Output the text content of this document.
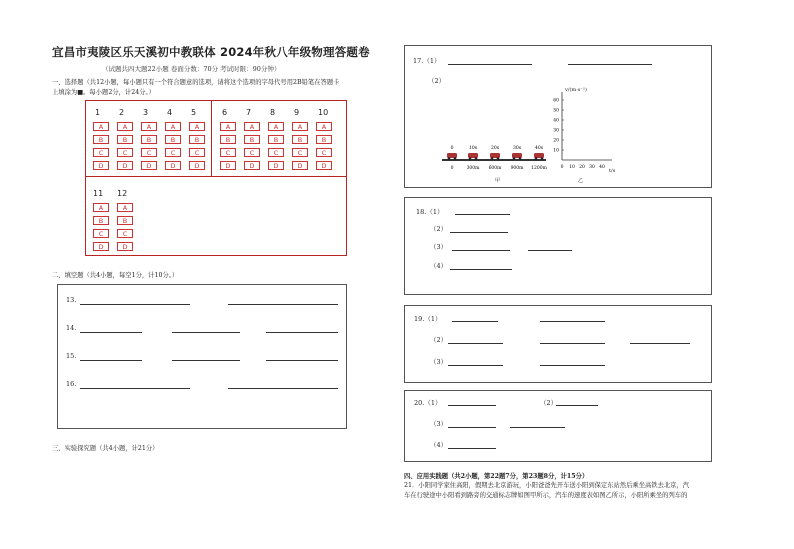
宜昌市夷陵区乐天溪初中教联体 2024年秋八年级物理答题卷
（试题共四大题22小题 卷面分数：70分 考试时限：90分钟）
一、选择题（共12小题，每小题只有一个符合题意的选项，请将这个选项的字母代号用2B铅笔在答题卡
上填涂为■。每小题2分，计24分。）
1
A
B
C
D
2
A
B
C
D
3
A
B
C
D
4
A
B
C
D
5
A
B
C
D
6
A
B
C
D
7
A
B
C
D
8
A
B
C
D
9
A
B
C
D
10
A
B
C
D
11
A
B
C
D
12
A
B
C
D
二、填空题（共4小题，每空1分，计10分。）
13.
14.
15.
16.
三、实验探究题（共4小题，计21分）
17.（1）
（2）
0
0
10s
300m
20s
600m
30s
900m
40s
1200m
60
50
40
30
20
10
0 10 20 30 40
v/(m·s⁻¹)
t/s
甲	乙
18.（1）
（2）
（3）
（4）
19.（1）
（2）
（3）
20.（1）	（2）
（3）
（4）
四、应用实践题（共2小题，第22题7分，第23题8分，计15分）
21．小阳同学家住高阳，假期去北京游玩，小阳爸爸先开车送小阳到保定东站然后乘坐高铁去北京，汽
车在行驶途中小阳看到路旁的交通标志牌如图甲所示，汽车的速度表如图乙所示，小阳所乘坐的列车的
